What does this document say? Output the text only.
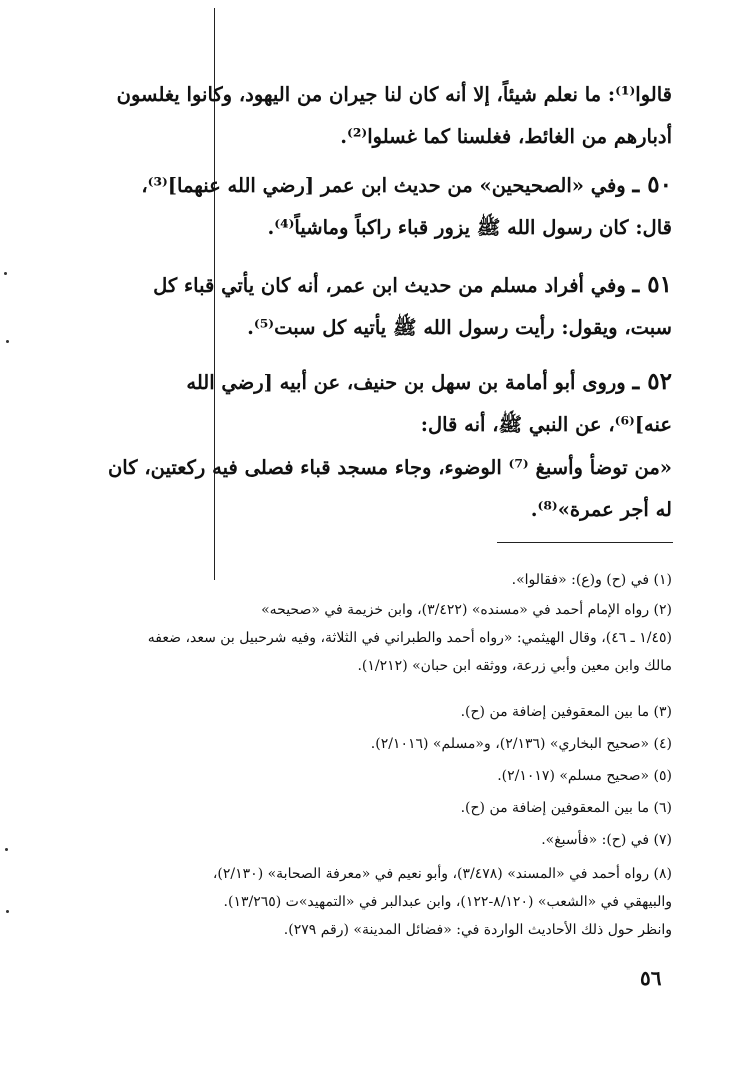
قالوا⁽¹⁾: ما نعلم شيئاً، إلا أنه كان لنا جيران من اليهود، وكانوا يغلسون
أدبارهم من الغائط، فغلسنا كما غسلوا⁽²⁾.
٥٠ ـ وفي «الصحيحين» من حديث ابن عمر [رضي الله عنهما]⁽³⁾،
قال: كان رسول الله ﷺ يزور قباء راكباً وماشياً⁽⁴⁾.
٥١ ـ وفي أفراد مسلم من حديث ابن عمر، أنه كان يأتي قباء كل
سبت، ويقول: رأيت رسول الله ﷺ يأتيه كل سبت⁽⁵⁾.
٥٢ ـ وروى أبو أمامة بن سهل بن حنيف، عن أبيه [رضي الله
عنه]⁽⁶⁾، عن النبي ﷺ، أنه قال:
«من توضأ وأسبغ ⁽⁷⁾ الوضوء، وجاء مسجد قباء فصلى فيه ركعتين، كان
له أجر عمرة»⁽⁸⁾.
(١) في (ح) و(ع): «فقالوا».
(٢) رواه الإمام أحمد في «مسنده» (٣/٤٢٢)، وابن خزيمة في «صحيحه»
(١/٤٥ ـ ٤٦)، وقال الهيثمي: «رواه أحمد والطبراني في الثلاثة، وفيه شرحبيل بن سعد، ضعفه
مالك وابن معين وأبي زرعة، ووثقه ابن حبان» (١/٢١٢).
(٣) ما بين المعقوفين إضافة من (ح).
(٤) «صحيح البخاري» (٢/١٣٦)، و«مسلم» (٢/١٠١٦).
(٥) «صحيح مسلم» (٢/١٠١٧).
(٦) ما بين المعقوفين إضافة من (ح).
(٧) في (ح): «فأسبغ».
(٨) رواه أحمد في «المسند» (٣/٤٧٨)، وأبو نعيم في «معرفة الصحابة» (٢/١٣٠)،
والبيهقي في «الشعب» (٨/١٢٠-١٢٢)، وابن عبدالبر في «التمهيد»ت (١٣/٢٦٥).
وانظر حول ذلك الأحاديث الواردة في: «فضائل المدينة» (رقم ٢٧٩).
٥٦
